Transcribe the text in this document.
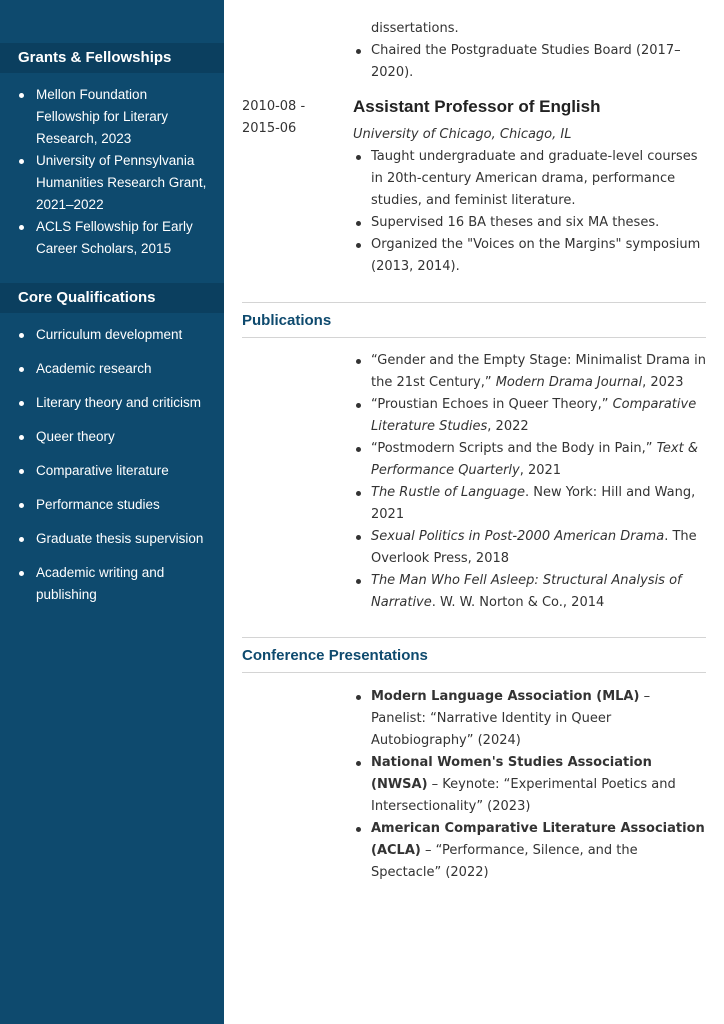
Grants & Fellowships
Mellon Foundation Fellowship for Literary Research, 2023
University of Pennsylvania Humanities Research Grant, 2021–2022
ACLS Fellowship for Early Career Scholars, 2015
Core Qualifications
Curriculum development
Academic research
Literary theory and criticism
Queer theory
Comparative literature
Performance studies
Graduate thesis supervision
Academic writing and publishing
dissertations.
Chaired the Postgraduate Studies Board (2017–2020).
2010-08 -
2015-06
Assistant Professor of English
University of Chicago, Chicago, IL
Taught undergraduate and graduate-level courses in 20th-century American drama, performance studies, and feminist literature.
Supervised 16 BA theses and six MA theses.
Organized the "Voices on the Margins" symposium (2013, 2014).
Publications
“Gender and the Empty Stage: Minimalist Drama in the 21st Century,” Modern Drama Journal, 2023
“Proustian Echoes in Queer Theory,” Comparative Literature Studies, 2022
“Postmodern Scripts and the Body in Pain,” Text & Performance Quarterly, 2021
The Rustle of Language. New York: Hill and Wang, 2021
Sexual Politics in Post-2000 American Drama. The Overlook Press, 2018
The Man Who Fell Asleep: Structural Analysis of Narrative. W. W. Norton & Co., 2014
Conference Presentations
Modern Language Association (MLA) – Panelist: “Narrative Identity in Queer Autobiography” (2024)
National Women's Studies Association (NWSA) – Keynote: “Experimental Poetics and Intersectionality” (2023)
American Comparative Literature Association (ACLA) – “Performance, Silence, and the Spectacle” (2022)
